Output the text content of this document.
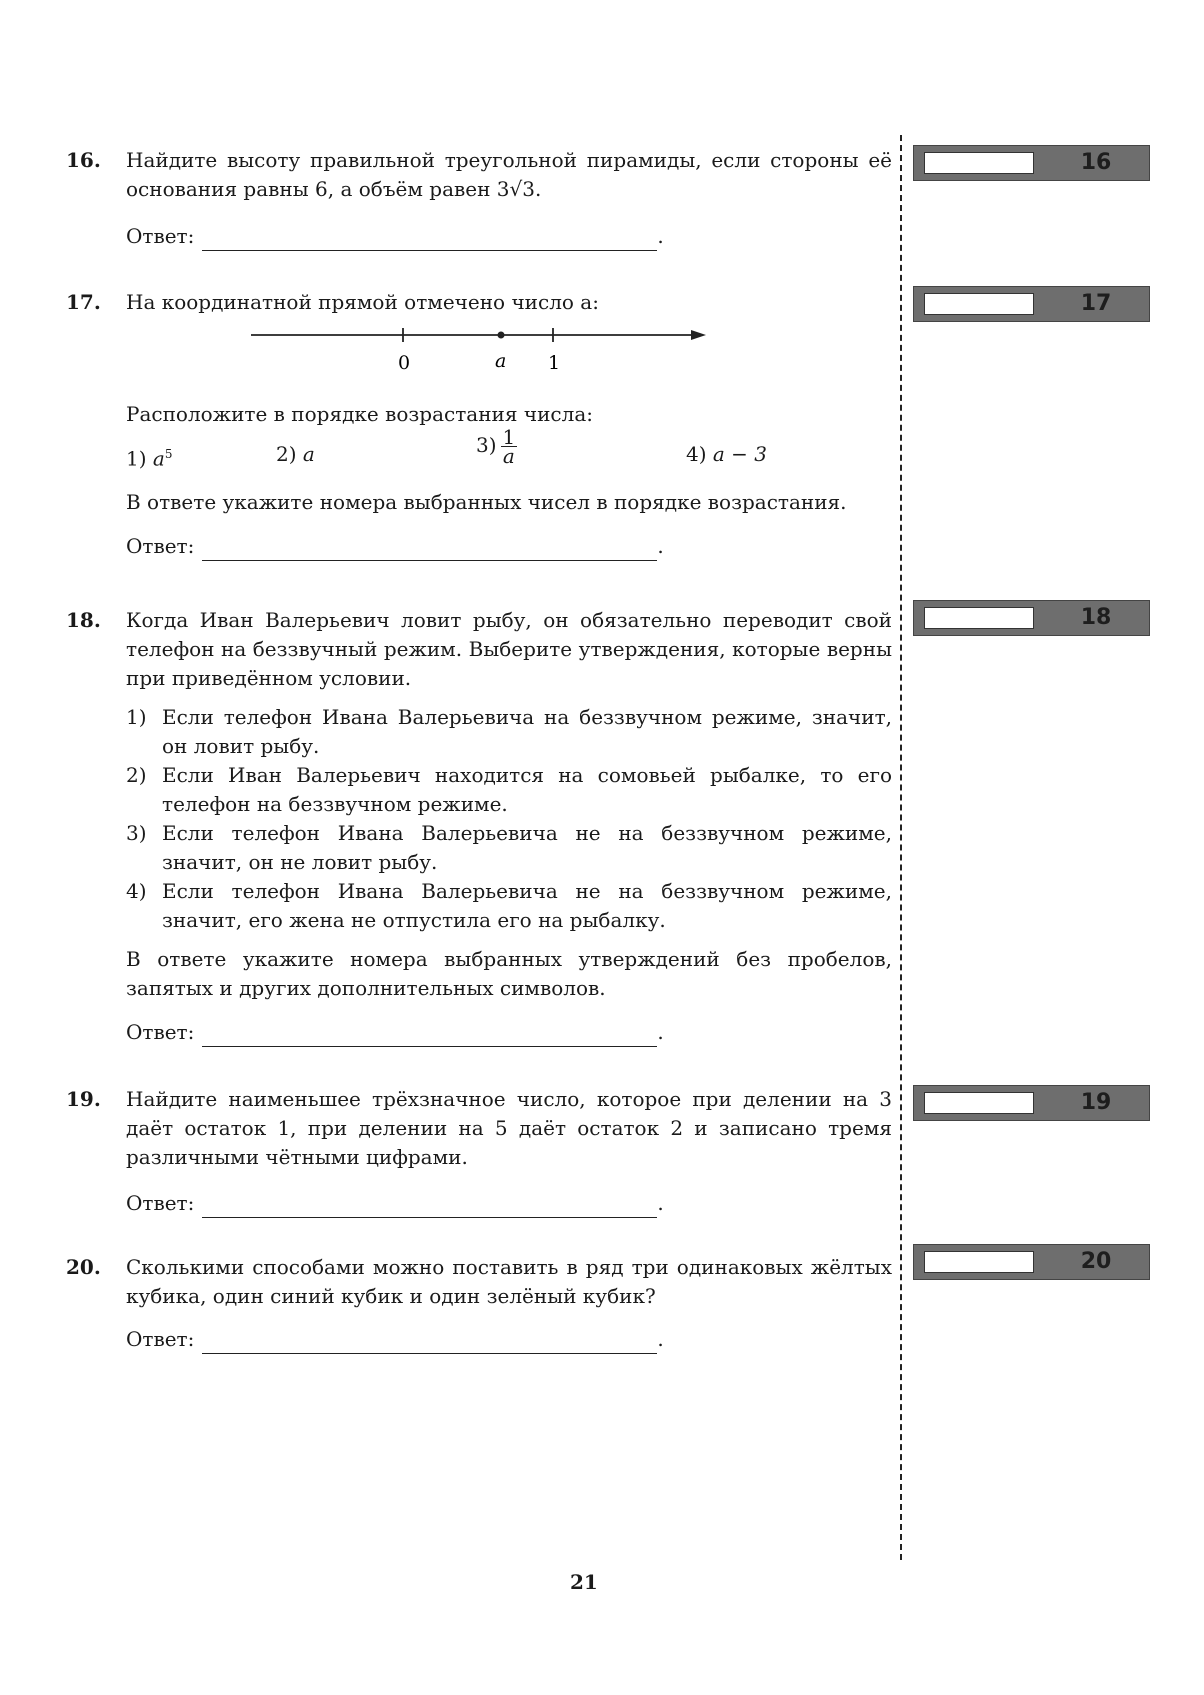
16. Найдите высоту правильной треугольной пирамиды, если стороны её основания равны 6, а объём равен 3√3.
Ответ:	.
17. На координатной прямой отмечено число a:
0	a 1
Расположите в порядке возрастания числа:
1) $a^5$	2) a	$3) \frac{1}{a}$	4) a − 3
В ответе укажите номера выбранных чисел в порядке возрастания.
Ответ:	.
18. Когда Иван Валерьевич ловит рыбу, он обязательно переводит свой телефон на беззвучный режим. Выберите утверждения, которые верны при приведённом условии.
1) Если телефон Ивана Валерьевича на беззвучном режиме, значит, он ловит рыбу.
2) Если Иван Валерьевич находится на сомовьей рыбалке, то его телефон на беззвучном режиме.
3) Если телефон Ивана Валерьевича не на беззвучном режиме, значит, он не ловит рыбу.
4) Если телефон Ивана Валерьевича не на беззвучном режиме, значит, его жена не отпустила его на рыбалку.
В ответе укажите номера выбранных утверждений без пробелов, запятых и других дополнительных символов.
Ответ:	.
19. Найдите наименьшее трёхзначное число, которое при делении на 3 даёт остаток 1, при делении на 5 даёт остаток 2 и записано тремя различными чётными цифрами.
Ответ:	.
20. Сколькими способами можно поставить в ряд три одинаковых жёлтых кубика, один синий кубик и один зелёный кубик?
Ответ:	.
16
17
18
19
20
21
